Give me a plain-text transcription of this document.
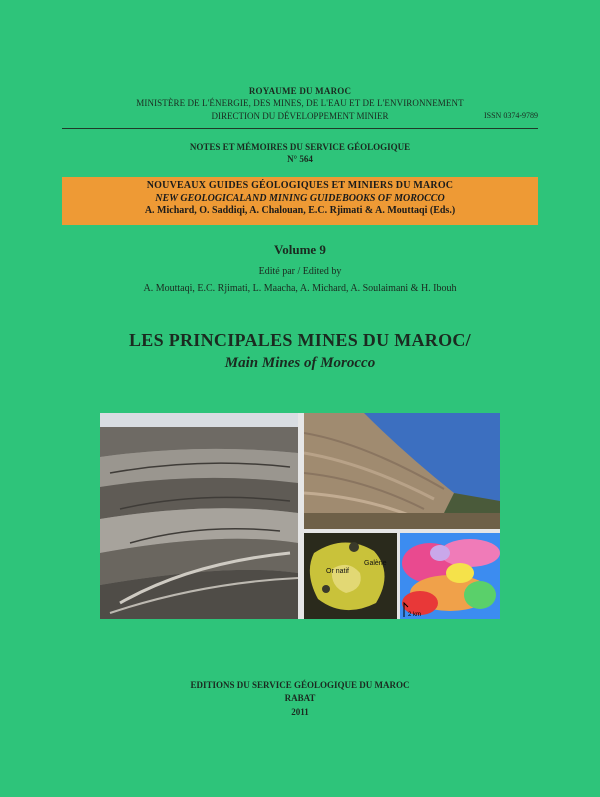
ROYAUME DU MAROC
MINISTÈRE DE L'ÉNERGIE, DES MINES, DE L'EAU ET DE L'ENVIRONNEMENT
DIRECTION DU DÉVELOPPEMENT MINIER	ISSN 0374-9789
NOTES ET MÉMOIRES DU SERVICE GÉOLOGIQUE
N° 564
NOUVEAUX GUIDES GÉOLOGIQUES ET MINIERS DU MAROC
NEW GEOLOGICALAND MINING GUIDEBOOKS OF MOROCCO
A. Michard, O. Saddiqi, A. Chalouan, E.C. Rjimati & A. Mouttaqi (Eds.)
Volume 9
Edité par / Edited by
A. Mouttaqi, E.C. Rjimati, L. Maacha, A. Michard, A. Soulaimani & H. Ibouh
LES PRINCIPALES MINES DU MAROC/
Main Mines of Morocco
Or natif
Galène
2 km
EDITIONS DU SERVICE GÉOLOGIQUE DU MAROC
RABAT
2011
